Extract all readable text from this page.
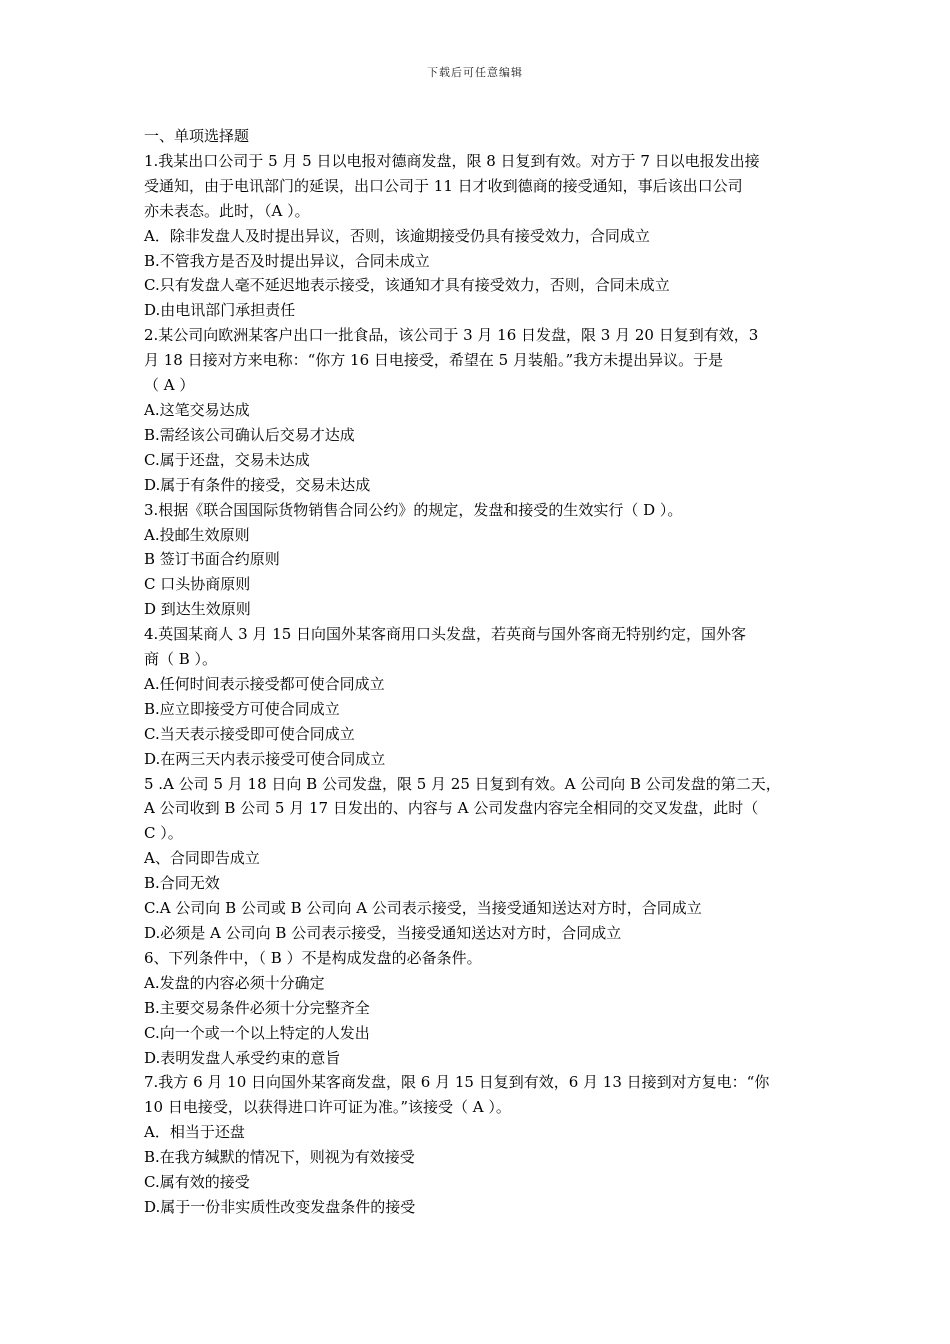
下载后可任意编辑
一、单项选择题
1.我某出口公司于 5 月 5 日以电报对德商发盘，限 8 日复到有效。对方于 7 日以电报发出接
受通知，由于电讯部门的延误，出口公司于 11 日才收到德商的接受通知，事后该出口公司
亦未表态。此时，（A ）。
A．除非发盘人及时提出异议，否则，该逾期接受仍具有接受效力，合同成立
B.不管我方是否及时提出异议，合同未成立
C.只有发盘人毫不延迟地表示接受，该通知才具有接受效力，否则，合同未成立
D.由电讯部门承担责任
2.某公司向欧洲某客户出口一批食品，该公司于 3 月 16 日发盘，限 3 月 20 日复到有效，3
月 18 日接对方来电称：“你方 16 日电接受，希望在 5 月装船。”我方未提出异议。于是
（ A ）
A.这笔交易达成
B.需经该公司确认后交易才达成
C.属于还盘，交易未达成
D.属于有条件的接受，交易未达成
3.根据《联合国国际货物销售合同公约》的规定，发盘和接受的生效实行（ D ）。
A.投邮生效原则
B 签订书面合约原则
C 口头协商原则
D 到达生效原则
4.英国某商人 3 月 15 日向国外某客商用口头发盘，若英商与国外客商无特别约定，国外客
商（ B ）。
A.任何时间表示接受都可使合同成立
B.应立即接受方可使合同成立
C.当天表示接受即可使合同成立
D.在两三天内表示接受可使合同成立
5 .A 公司 5 月 18 日向 B 公司发盘，限 5 月 25 日复到有效。A 公司向 B 公司发盘的第二天，
A 公司收到 B 公司 5 月 17 日发出的、内容与 A 公司发盘内容完全相同的交叉发盘，此时（
C ）。
A、合同即告成立
B.合同无效
C.A 公司向 B 公司或 B 公司向 A 公司表示接受，当接受通知送达对方时，合同成立
D.必须是 A 公司向 B 公司表示接受，当接受通知送达对方时，合同成立
6、下列条件中，（ B ）不是构成发盘的必备条件。
A.发盘的内容必须十分确定
B.主要交易条件必须十分完整齐全
C.向一个或一个以上特定的人发出
D.表明发盘人承受约束的意旨
7.我方 6 月 10 日向国外某客商发盘，限 6 月 15 日复到有效，6 月 13 日接到对方复电：“你
10 日电接受，以获得进口许可证为准。”该接受（ A ）。
A．相当于还盘
B.在我方缄默的情况下，则视为有效接受
C.属有效的接受
D.属于一份非实质性改变发盘条件的接受
